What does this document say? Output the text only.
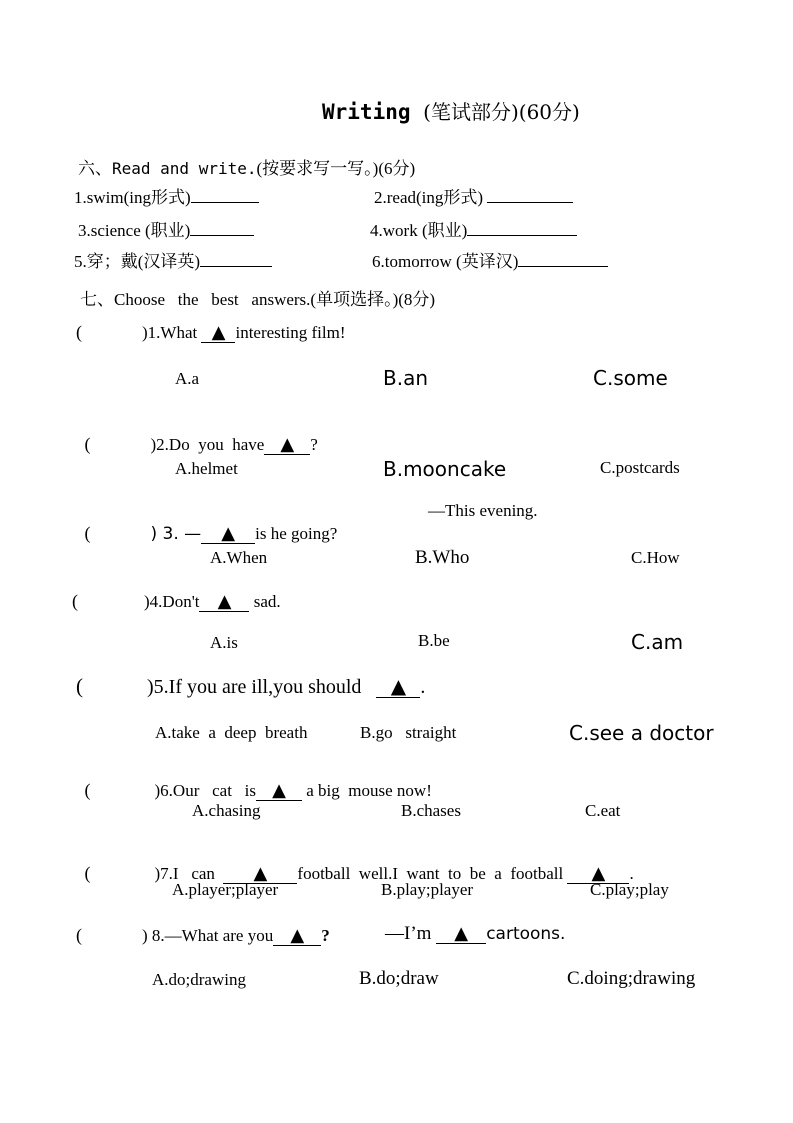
Writing (笔试部分)(60分)
六、Read and write.(按要求写一写。)(6分)
1.swim(ing形式)	2.read(ing形式)
3.science (职业)	4.work (职业)
5.穿；戴(汉译英)	6.tomorrow (英译汉)
七、Choose   the   best   answers.(单项选择。)(8分)
(	)1.What ▲ interesting film!
A.a	B.an	C.some

(	)2.Do  you  have ▲ ?

A.helmet	B.mooncake	C.postcards

(	) 3. — ▲ is he going?

—This evening.
A.When	B.Who	C.How
(	)4.Don't ▲ sad.
A.is	B.be	C.am
(	)5.If you are ill,you should ▲ .
A.take  a  deep  breath	B.go   straight	C.see a doctor

(	)6.Our   cat   is ▲ a big  mouse now!

A.chasing	B.chases	C.eat

(	)7.I   can ▲ football  well.I  want  to  be  a  football ▲ .

A.player;player	B.play;player	C.play;play
(	) 8.—What are you ▲ ?	—I’m ▲ cartoons.
A.do;drawing	B.do;draw	C.doing;drawing
